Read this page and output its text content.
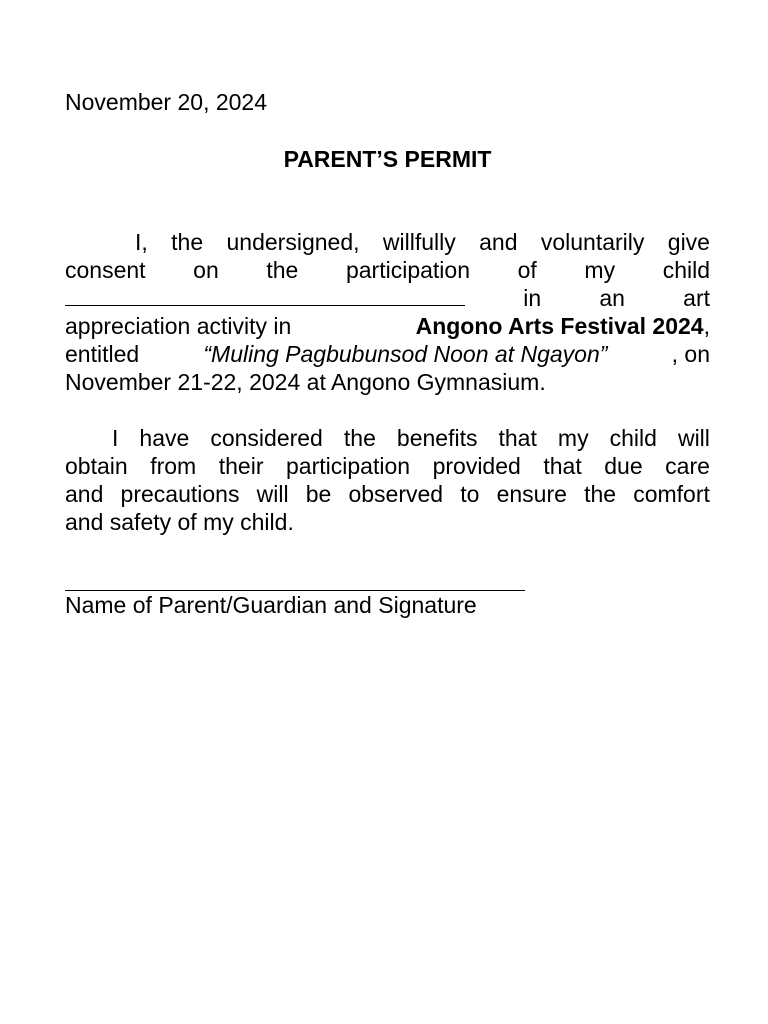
November 20, 2024
PARENT’S PERMIT
I, the undersigned, willfully and voluntarily give
consent on the participation of my child
in	an	art
appreciation activity in	Angono Arts Festival 2024,
entitled	“Muling Pagbubunsod Noon at Ngayon”	, on
November 21-22, 2024 at Angono Gymnasium.
I have considered the benefits that my child will
obtain from their participation provided that due care
and precautions will be observed to ensure the comfort
and safety of my child.
Name of Parent/Guardian and Signature
